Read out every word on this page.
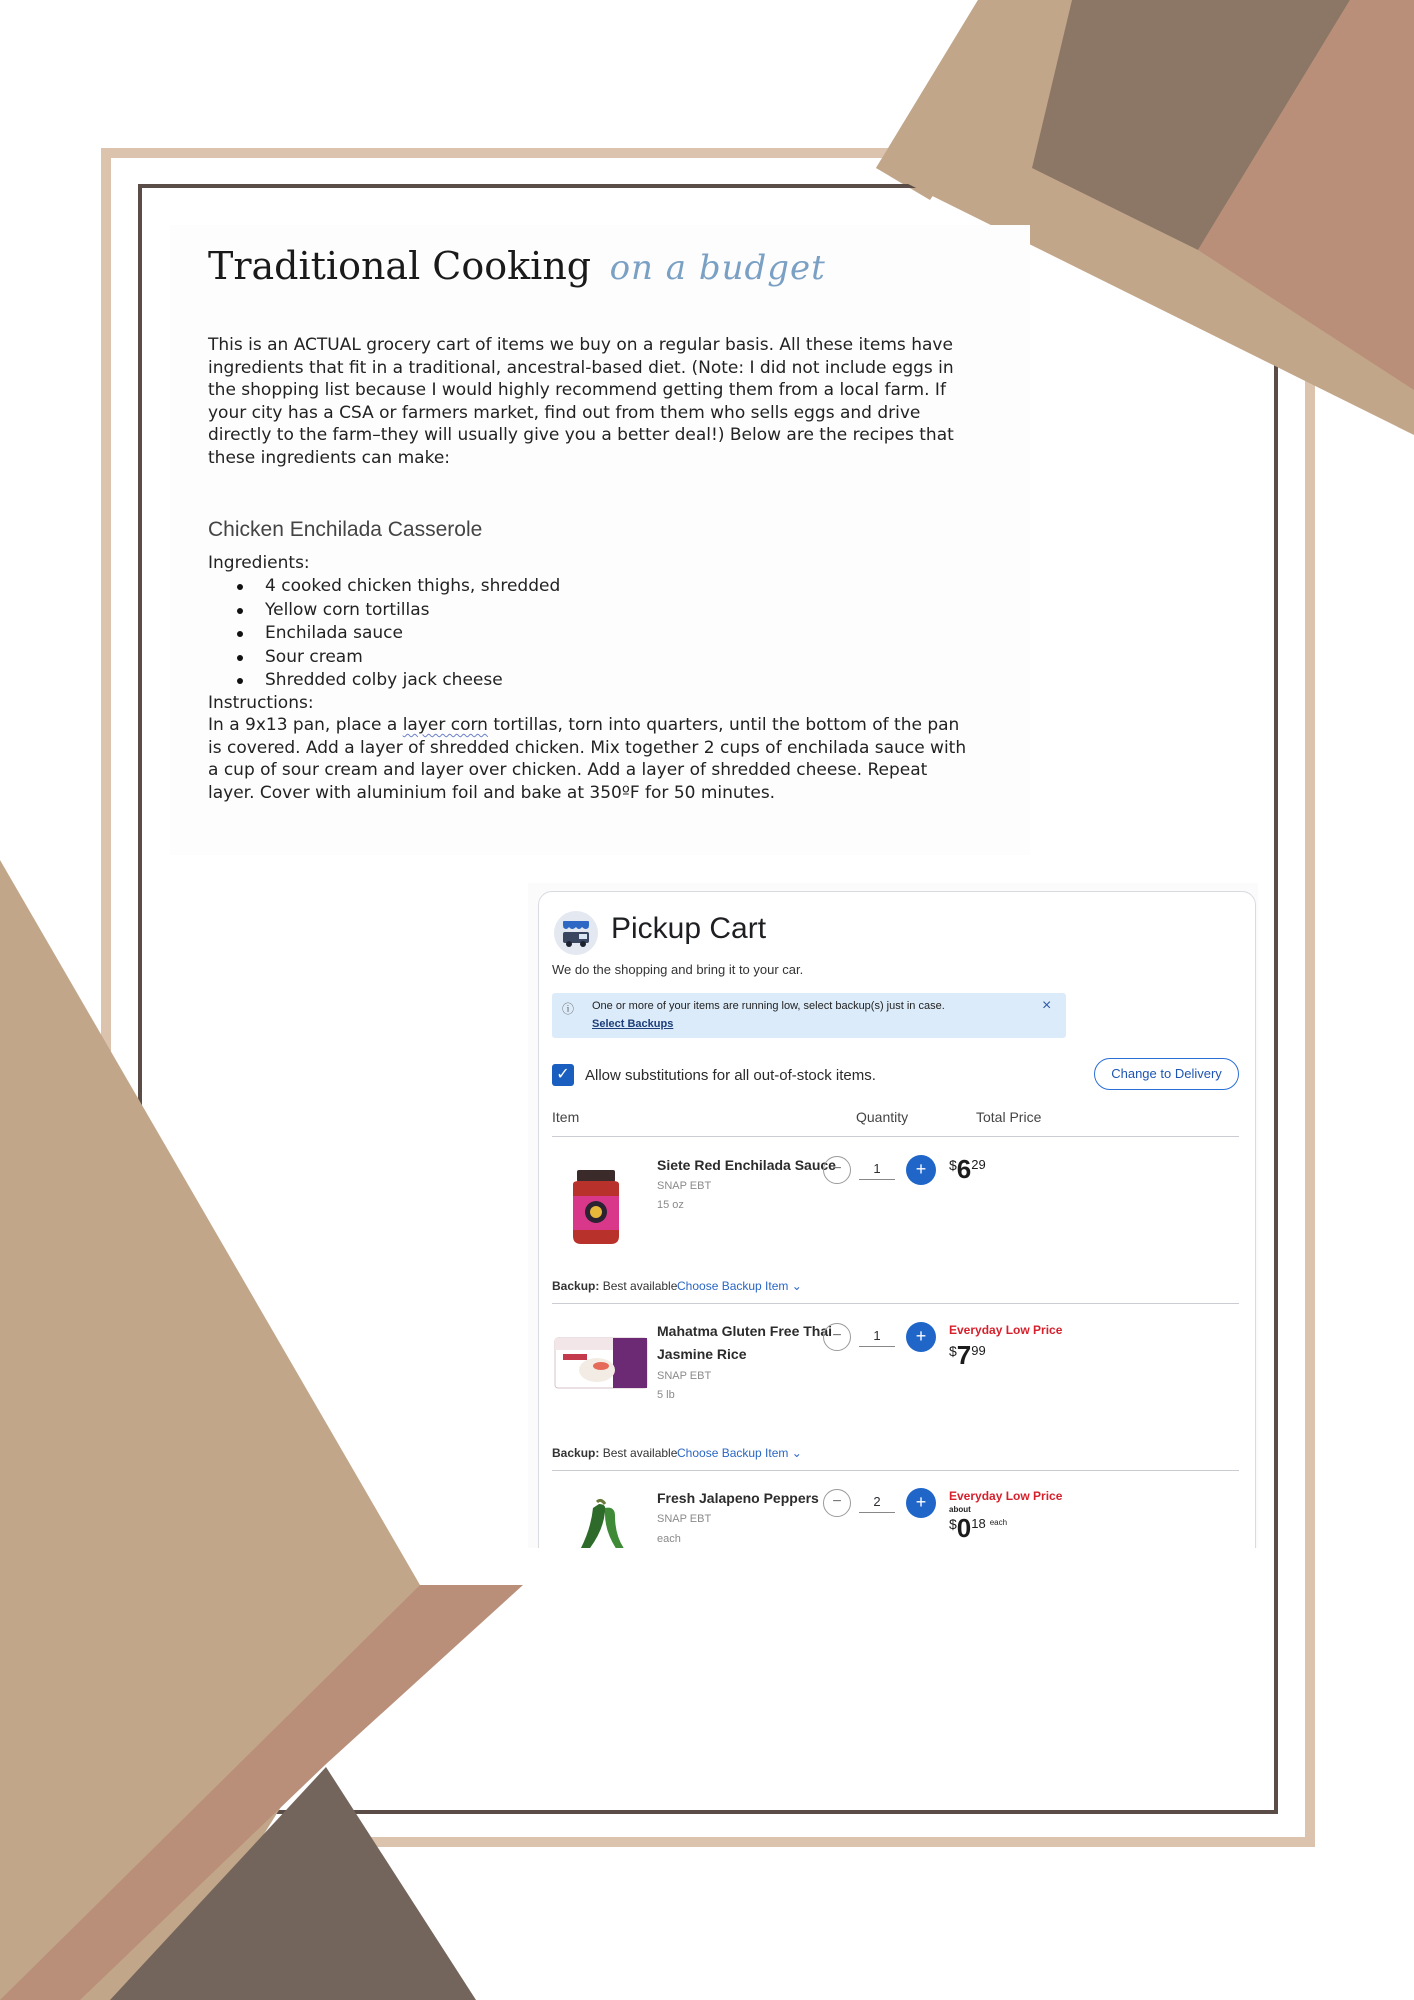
Traditional Cooking on a budget

This is an ACTUAL grocery cart of items we buy on a regular basis. All these items have ingredients that fit in a traditional, ancestral-based diet. (Note: I did not include eggs in the shopping list because I would highly recommend getting them from a local farm. If your city has a CSA or farmers market, find out from them who sells eggs and drive directly to the farm–they will usually give you a better deal!) Below are the recipes that these ingredients can make:

Chicken Enchilada Casserole
Ingredients:
4 cooked chicken thighs, shredded
Yellow corn tortillas
Enchilada sauce
Sour cream
Shredded colby jack cheese
Instructions:

In a 9x13 pan, place a layer corn tortillas, torn into quarters, until the bottom of the pan is covered. Add a layer of shredded chicken. Mix together 2 cups of enchilada sauce with a cup of sour cream and layer over chicken. Add a layer of shredded cheese. Repeat layer. Cover with aluminium foil and bake at 350ºF for 50 minutes.

Pickup Cart
We do the shopping and bring it to your car.
ⓘ One or more of your items are running low, select backup(s) just in case.
Select Backups
×
✓ Allow substitutions for all out-of-stock items.	Change to Delivery
Item	Quantity	Total Price
Siete Red Enchilada Sauce
SNAP EBT
15 oz
−	1	+	$\$6^{29}$
Backup: Best available Choose Backup Item ⌄
Mahatma Gluten Free Thai Jasmine Rice
SNAP EBT
5 lb
−	1	+	Everyday Low Price
$\$7^{99}$
Backup: Best available Choose Backup Item ⌄
Fresh Jalapeno Peppers
SNAP EBT
each
−	2	+	Everyday Low Price
about
$\$0^{18}$ $^{each}$
